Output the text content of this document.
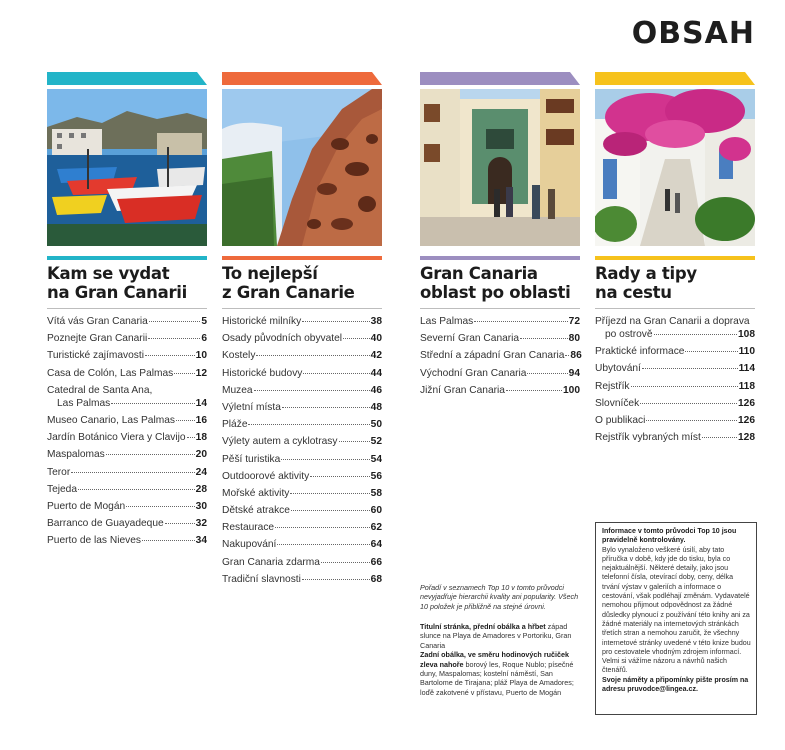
OBSAH
Kam se vydat
na Gran Canarii
Vítá vás Gran Canaria	5
Poznejte Gran Canarii	6
Turistické zajímavosti	10
Casa de Colón, Las Palmas 12
Catedral de Santa Ana,
Las Palmas	14
Museo Canario, Las Palmas 16
Jardín Botánico Viera y Clavijo 18
Maspalomas	20
Teror	24
Tejeda	28
Puerto de Mogán	30
Barranco de Guayadeque	32
Puerto de las Nieves	34
To nejlepší
z Gran Canarie
Historické milníky	38
Osady původních obyvatel	40
Kostely	42
Historické budovy	44
Muzea	46
Výletní místa	48
Pláže	50
Výlety autem a cyklotrasy	52
Pěší turistika	54
Outdoorové aktivity	56
Mořské aktivity	58
Dětské atrakce	60
Restaurace	62
Nakupování	64
Gran Canaria zdarma	66
Tradiční slavnosti	68
Gran Canaria
oblast po oblasti
Las Palmas	72
Severní Gran Canaria	80
Střední a západní Gran Canaria 86
Východní Gran Canaria	94
Jižní Gran Canaria	100
Rady a tipy
na cestu
Příjezd na Gran Canarii a doprava
po ostrově	108
Praktické informace	110
Ubytování	114
Rejstřík	118
Slovníček	126
O publikaci	126
Rejstřík vybraných míst	128
Pořadí v seznamech Top 10 v tomto průvodci nevyjadřuje hierarchii kvality ani popularity. Všech 10 položek je přibližně na stejné úrovni.
Titulní stránka, přední obálka a hřbet západ slunce na Playa de Amadores v Portoriku, Gran Canaria
Zadní obálka, ve směru hodinových ručiček zleva nahoře borový les, Roque Nublo; písečné duny, Maspalomas; kostelní náměstí, San Bartolome de Tirajana; pláž Playa de Amadores; loďě zakotvené v přístavu, Puerto de Mogán
Informace v tomto průvodci Top 10 jsou pravidelně kontrolovány.
Bylo vynaloženo veškeré úsilí, aby tato příručka v době, kdy jde do tisku, byla co nejaktuálnější. Některé detaily, jako jsou telefonní čísla, otevírací doby, ceny, délka trvání výstav v galeriích a informace o cestování, však podléhají změnám. Vydavatelé nemohou přijmout odpovědnost za žádné důsledky plynoucí z používání této knihy ani za žádné materiály na internetových stránkách třetích stran a nemohou zaručit, že všechny internetové stránky uvedené v této knize budou pro cestovatele vhodným zdrojem informací. Velmi si vážíme názoru a návrhů našich čtenářů.
Svoje náměty a připomínky pište prosím na adresu pruvodce@lingea.cz.
